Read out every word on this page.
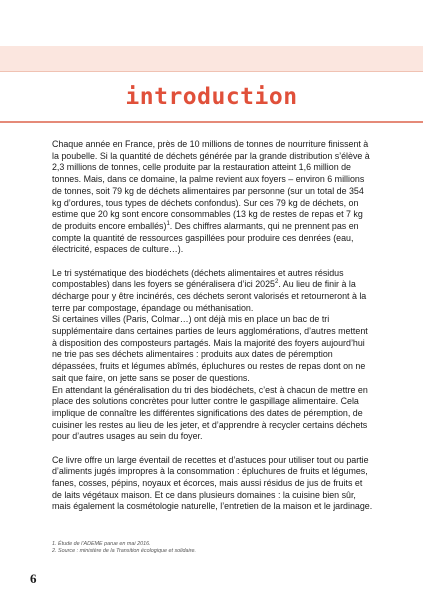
introduction

Chaque année en France, près de 10 millions de tonnes de nourriture finissent à la poubelle. Si la quantité de déchets générée par la grande distribution s’élève à 2,3 millions de tonnes, celle produite par la restauration atteint 1,6 million de tonnes. Mais, dans ce domaine, la palme revient aux foyers – environ 6 millions de tonnes, soit 79 kg de déchets alimentaires par personne (sur un total de 354 kg d’ordures, tous types de déchets confondus). Sur ces 79 kg de déchets, on estime que 20 kg sont encore consommables (13 kg de restes de repas et 7 kg de produits encore emballés)$^1$. Des chiffres alarmants, qui ne prennent pas en compte la quantité de ressources gaspillées pour produire ces denrées (eau, électricité, espaces de culture…).

Le tri systématique des biodéchets (déchets alimentaires et autres résidus compostables) dans les foyers se généralisera d’ici 2025$^2$. Au lieu de finir à la décharge pour y être incinérés, ces déchets seront valorisés et retourneront à la terre par compostage, épandage ou méthanisation.

Si certaines villes (Paris, Colmar…) ont déjà mis en place un bac de tri supplémentaire dans certaines parties de leurs agglomérations, d’autres mettent à disposition des composteurs partagés. Mais la majorité des foyers aujourd’hui ne trie pas ses déchets alimentaires : produits aux dates de péremption dépassées, fruits et légumes abîmés, épluchures ou restes de repas dont on ne sait que faire, on jette sans se poser de questions.

En attendant la généralisation du tri des biodéchets, c’est à chacun de mettre en place des solutions concrètes pour lutter contre le gaspillage alimentaire. Cela implique de connaître les différentes significations des dates de péremption, de cuisiner les restes au lieu de les jeter, et d’apprendre à recycler certains déchets pour d’autres usages au sein du foyer.

Ce livre offre un large éventail de recettes et d’astuces pour utiliser tout ou partie d’aliments jugés impropres à la consommation : épluchures de fruits et légumes, fanes, cosses, pépins, noyaux et écorces, mais aussi résidus de jus de fruits et de laits végétaux maison. Et ce dans plusieurs domaines : la cuisine bien sûr, mais également la cosmétologie naturelle, l’entretien de la maison et le jardinage.

1. Étude de l’ADEME parue en mai 2016.
2. Source : ministère de la Transition écologique et solidaire.
6
